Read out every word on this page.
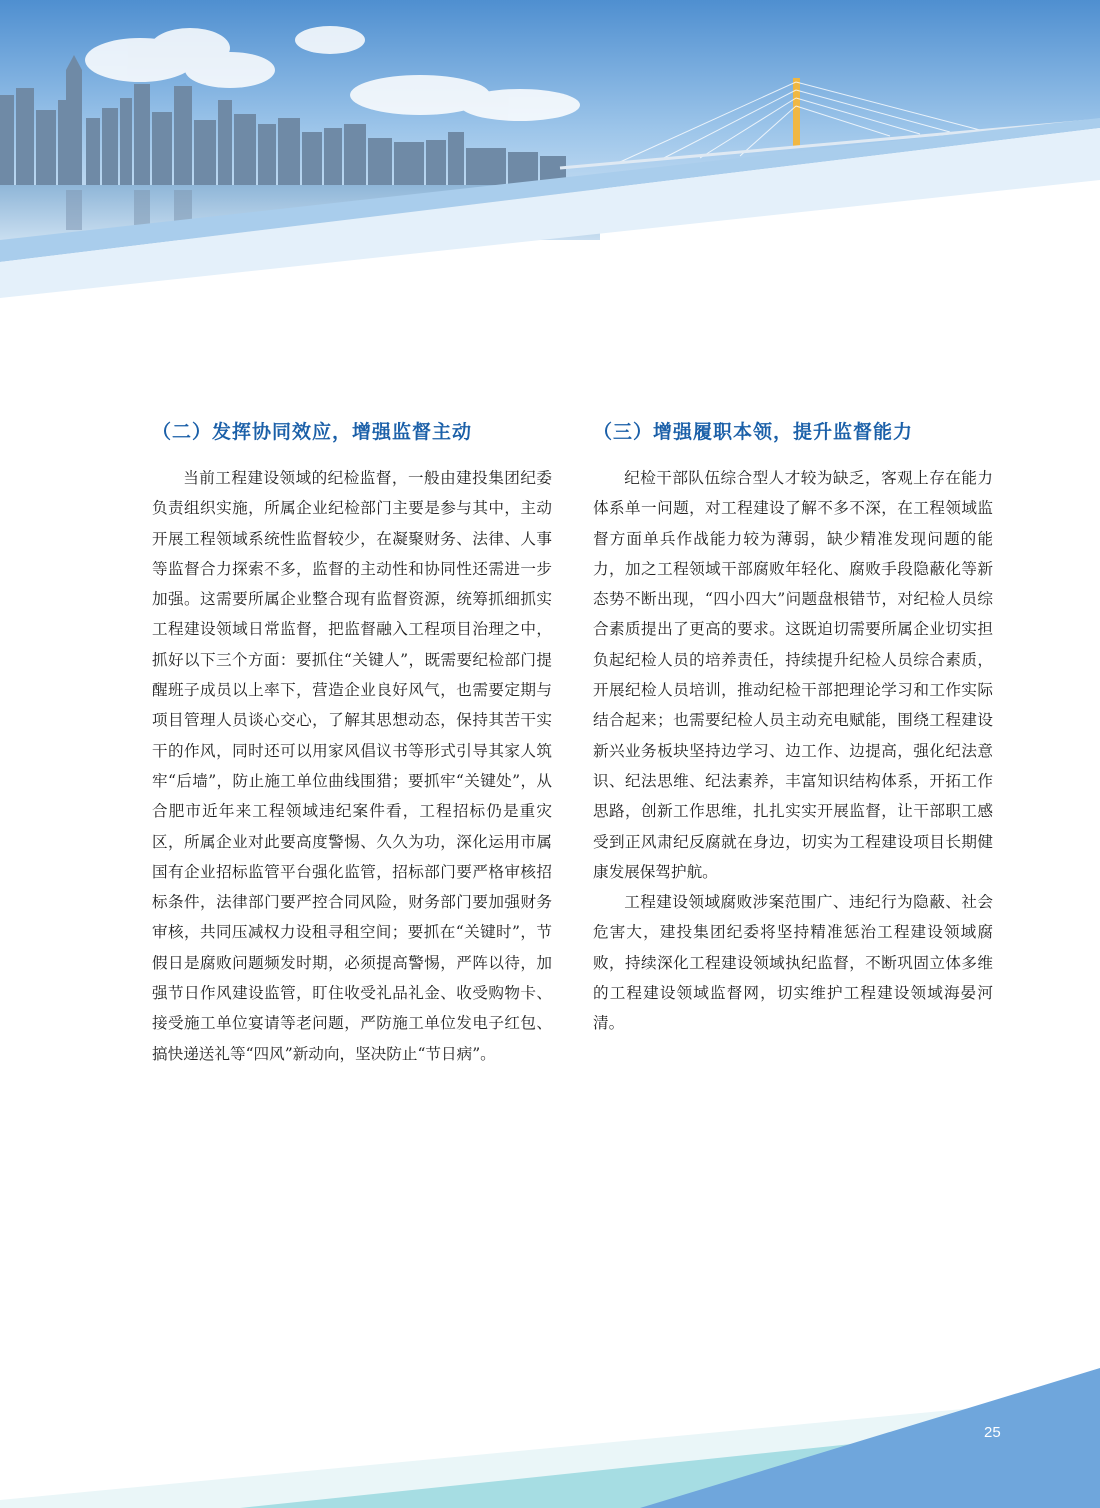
（二）发挥协同效应，增强监督主动

当前工程建设领域的纪检监督，一般由建投集团纪委负责组织实施，所属企业纪检部门主要是参与其中，主动开展工程领域系统性监督较少，在凝聚财务、法律、人事等监督合力探索不多，监督的主动性和协同性还需进一步加强。这需要所属企业整合现有监督资源，统筹抓细抓实工程建设领域日常监督，把监督融入工程项目治理之中，抓好以下三个方面：要抓住“关键人”，既需要纪检部门提醒班子成员以上率下，营造企业良好风气，也需要定期与项目管理人员谈心交心，了解其思想动态，保持其苦干实干的作风，同时还可以用家风倡议书等形式引导其家人筑牢“后墙”，防止施工单位曲线围猎；要抓牢“关键处”，从合肥市近年来工程领域违纪案件看，工程招标仍是重灾区，所属企业对此要高度警惕、久久为功，深化运用市属国有企业招标监管平台强化监管，招标部门要严格审核招标条件，法律部门要严控合同风险，财务部门要加强财务审核，共同压减权力设租寻租空间；要抓在“关键时”，节假日是腐败问题频发时期，必须提高警惕，严阵以待，加强节日作风建设监管，盯住收受礼品礼金、收受购物卡、接受施工单位宴请等老问题，严防施工单位发电子红包、搞快递送礼等“四风”新动向，坚决防止“节日病”。

（三）增强履职本领，提升监督能力

纪检干部队伍综合型人才较为缺乏，客观上存在能力体系单一问题，对工程建设了解不多不深，在工程领域监督方面单兵作战能力较为薄弱，缺少精准发现问题的能力，加之工程领域干部腐败年轻化、腐败手段隐蔽化等新态势不断出现，“四小四大”问题盘根错节，对纪检人员综合素质提出了更高的要求。这既迫切需要所属企业切实担负起纪检人员的培养责任，持续提升纪检人员综合素质，开展纪检人员培训，推动纪检干部把理论学习和工作实际结合起来；也需要纪检人员主动充电赋能，围绕工程建设新兴业务板块坚持边学习、边工作、边提高，强化纪法意识、纪法思维、纪法素养，丰富知识结构体系，开拓工作思路，创新工作思维，扎扎实实开展监督，让干部职工感受到正风肃纪反腐就在身边，切实为工程建设项目长期健康发展保驾护航。

工程建设领域腐败涉案范围广、违纪行为隐蔽、社会危害大，建投集团纪委将坚持精准惩治工程建设领域腐败，持续深化工程建设领域执纪监督，不断巩固立体多维的工程建设领域监督网，切实维护工程建设领域海晏河清。

25
